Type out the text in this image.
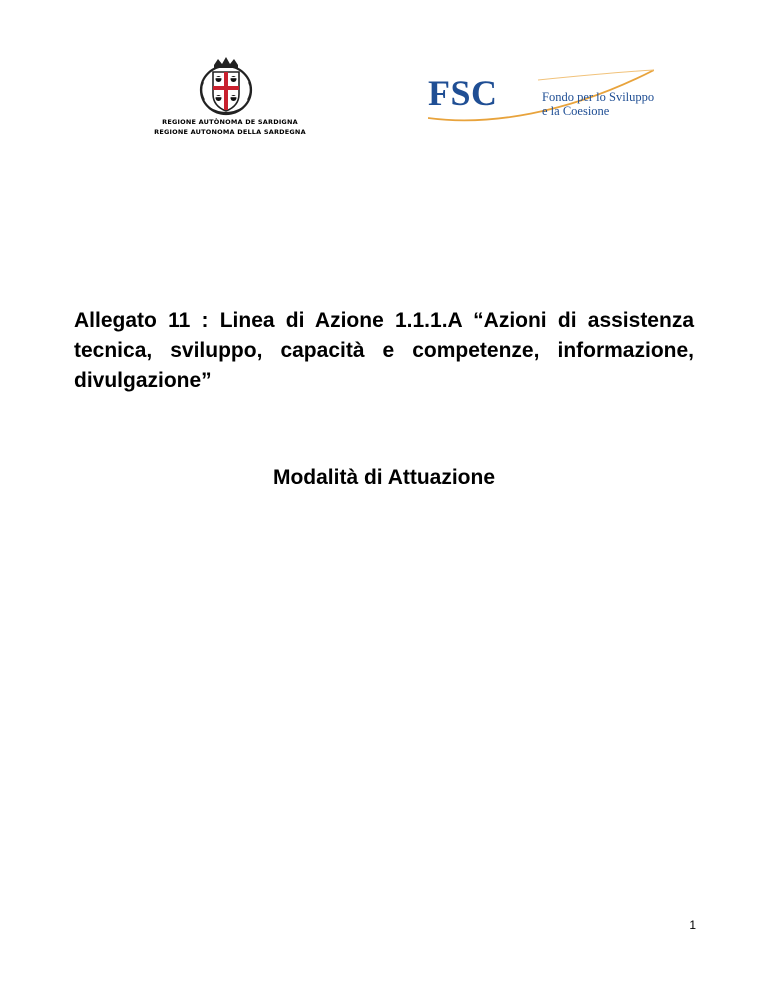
REGIONE AUTÒNOMA DE SARDIGNA
REGIONE AUTONOMA DELLA SARDEGNA
FSC	Fondo per lo Sviluppo
e la Coesione
Allegato 11 : Linea di Azione 1.1.1.A “Azioni di assistenza tecnica, sviluppo, capacità e competenze, informazione, divulgazione”
Modalità di Attuazione
1
